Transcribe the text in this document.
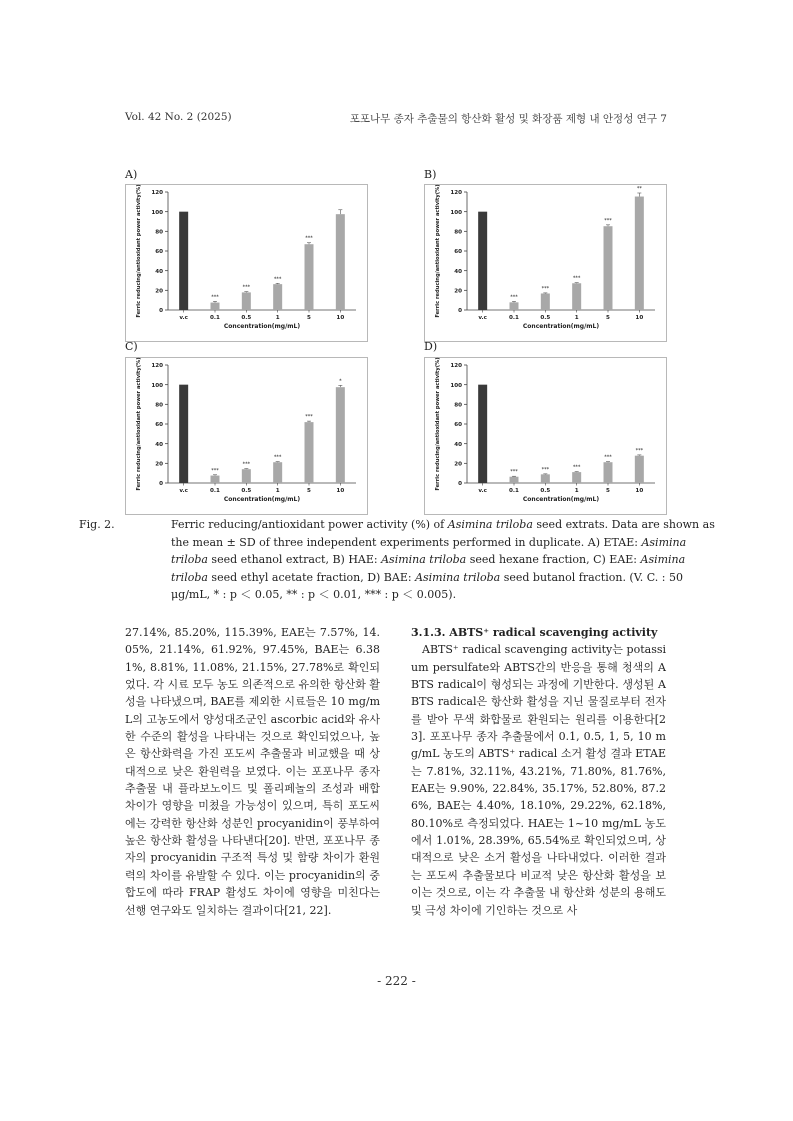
Vol. 42 No. 2 (2025)	포포나무 종자 추출물의 항산화 활성 및 화장품 제형 내 안정성 연구 7
A)
0
20
40
60
80
100
120
Ferric reducing/antioxidant power activity(%)
v.c
***
0.1
***
0.5
***
1
***
5	10
Concentration(mg/mL)
B)
0
20
40
60
80
100
120
Ferric reducing/antioxidant power activity(%)
v.c
***
0.1
***
0.5
***
1
***
5
**
10
Concentration(mg/mL)
C)
0
20
40
60
80
100
120
Ferric reducing/antioxidant power activity(%)
v.c
***
0.1
***
0.5
***
1
***
5
*
10
Concentration(mg/mL)
D)
0
20
40
60
80
100
120
Ferric reducing/antioxidant power activity(%)
v.c
***
0.1
***
0.5
***
1
***
5
***
10
Concentration(mg/mL)
Fig. 2.	Ferric reducing/antioxidant power activity (%) of Asimina triloba seed extrats. Data are shown as the mean ± SD of three independent experiments performed in duplicate. A) ETAE: Asimina triloba seed ethanol extract, B) HAE: Asimina triloba seed hexane fraction, C) EAE: Asimina triloba seed ethyl acetate fraction, D) BAE: Asimina triloba seed butanol fraction. (V. C. : 50 μg/mL, * : p ＜ 0.05, ** : p ＜ 0.01, *** : p ＜ 0.005).

27.14%, 85.20%, 115.39%, EAE는 7.57%, 14.05%, 21.14%, 61.92%, 97.45%, BAE는 6.381%, 8.81%, 11.08%, 21.15%, 27.78%로 확인되었다. 각 시료 모두 농도 의존적으로 유의한 항산화 활성을 나타냈으며, BAE를 제외한 시료들은 10 mg/mL의 고농도에서 양성대조군인 ascorbic acid와 유사한 수준의 활성을 나타내는 것으로 확인되었으나, 높은 항산화력을 가진 포도씨 추출물과 비교했을 때 상대적으로 낮은 환원력을 보였다. 이는 포포나무 종자 추출물 내 플라보노이드 및 폴리페놀의 조성과 배합 차이가 영향을 미쳤을 가능성이 있으며, 특히 포도씨에는 강력한 항산화 성분인 procyanidin이 풍부하여 높은 항산화 활성을 나타낸다[20]. 반면, 포포나무 종자의 procyanidin 구조적 특성 및 함량 차이가 환원력의 차이를 유발할 수 있다. 이는 procyanidin의 중합도에 따라 FRAP 활성도 차이에 영향을 미친다는 선행 연구와도 일치하는 결과이다[21, 22].

3.1.3. ABTS⁺ radical scavenging activity

ABTS⁺ radical scavenging activity는 potassium persulfate와 ABTS간의 반응을 통해 청색의 ABTS radical이 형성되는 과정에 기반한다. 생성된 ABTS radical은 항산화 활성을 지닌 물질로부터 전자를 받아 무색 화합물로 환원되는 원리를 이용한다[23]. 포포나무 종자 추출물에서 0.1, 0.5, 1, 5, 10 mg/mL 농도의 ABTS⁺ radical 소거 활성 결과 ETAE는 7.81%, 32.11%, 43.21%, 71.80%, 81.76%, EAE는 9.90%, 22.84%, 35.17%, 52.80%, 87.26%, BAE는 4.40%, 18.10%, 29.22%, 62.18%, 80.10%로 측정되었다. HAE는 1~10 mg/mL 농도에서 1.01%, 28.39%, 65.54%로 확인되었으며, 상대적으로 낮은 소거 활성을 나타내었다. 이러한 결과는 포도씨 추출물보다 비교적 낮은 항산화 활성을 보이는 것으로, 이는 각 추출물 내 항산화 성분의 용해도 및 극성 차이에 기인하는 것으로 사

- 222 -
